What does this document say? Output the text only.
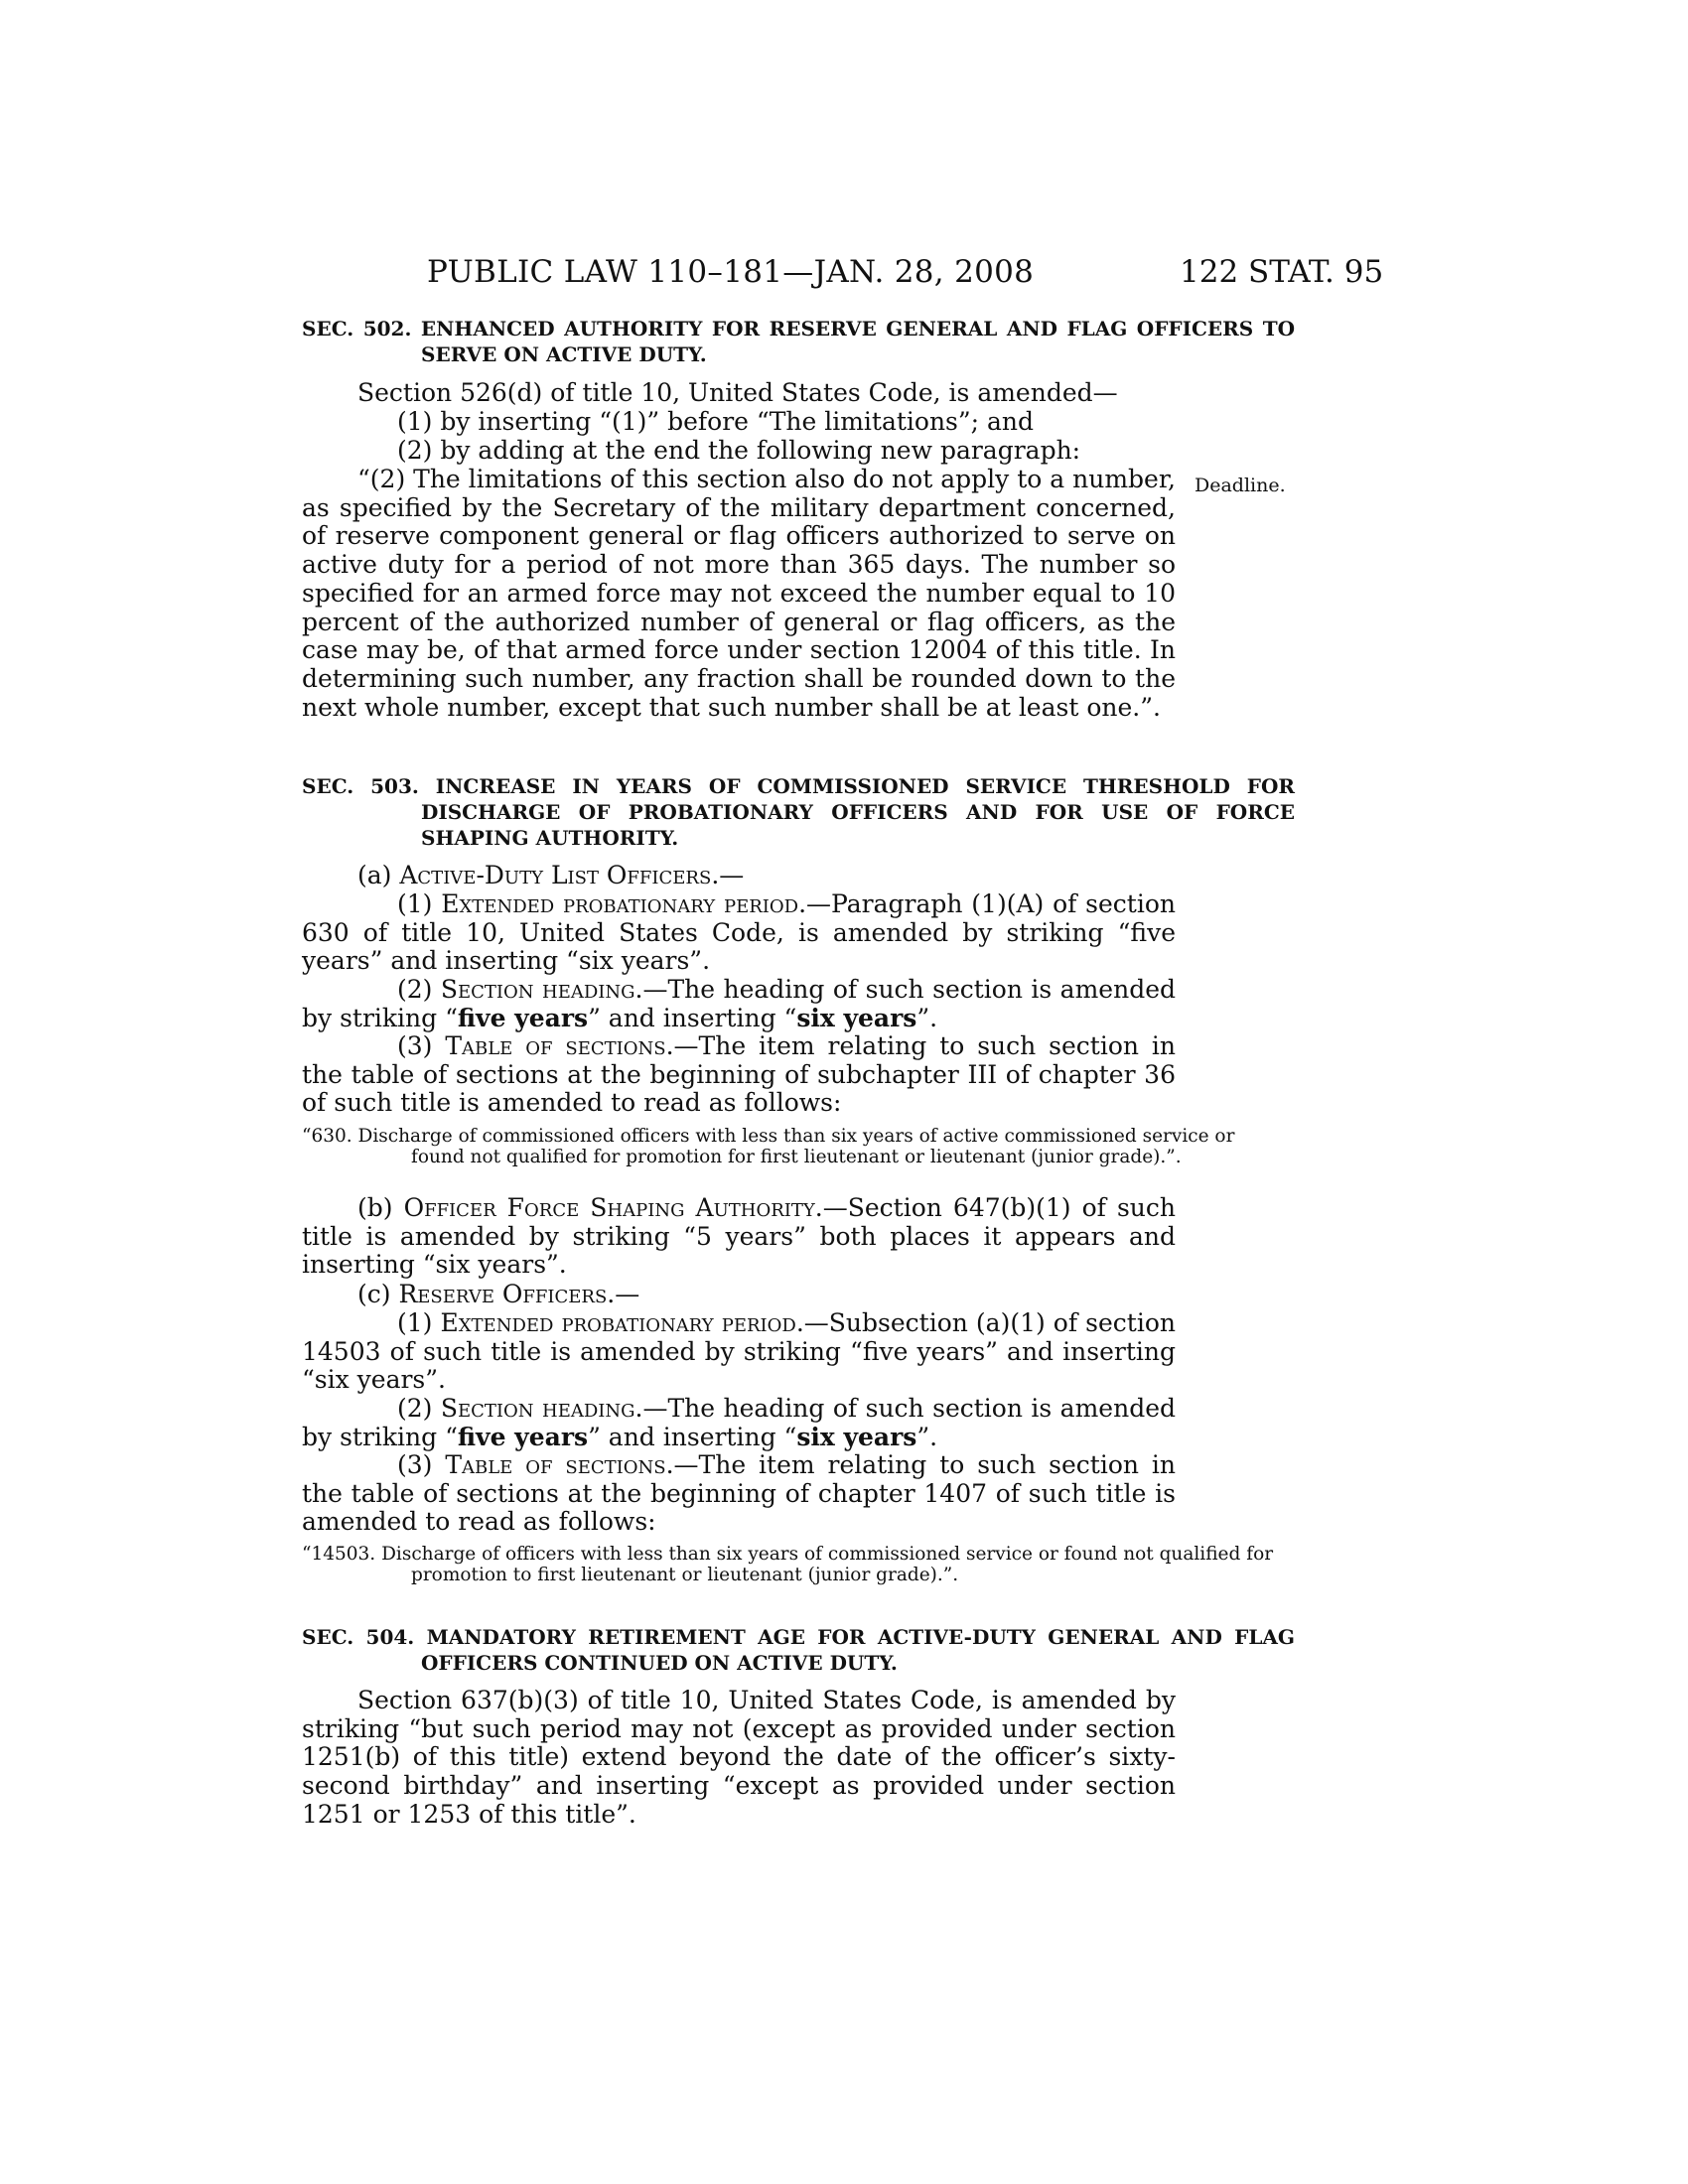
PUBLIC LAW 110–181—JAN. 28, 2008	122 STAT. 95
SEC. 502. ENHANCED AUTHORITY FOR RESERVE GENERAL AND FLAG OFFICERS TO SERVE ON ACTIVE DUTY.

Section 526(d) of title 10, United States Code, is amended—

(1) by inserting “(1)” before “The limitations”; and

(2) by adding at the end the following new paragraph:

“(2) The limitations of this section also do not apply to a number, as specified by the Secretary of the military department concerned, of reserve component general or flag officers authorized to serve on active duty for a period of not more than 365 days. The number so specified for an armed force may not exceed the number equal to 10 percent of the authorized number of general or flag officers, as the case may be, of that armed force under section 12004 of this title. In determining such number, any fraction shall be rounded down to the next whole number, except that such number shall be at least one.”.

Deadline.
SEC. 503. INCREASE IN YEARS OF COMMISSIONED SERVICE THRESHOLD FOR DISCHARGE OF PROBATIONARY OFFICERS AND FOR USE OF FORCE SHAPING AUTHORITY.

(a) Active-Duty List Officers.—

(1) Extended probationary period.—Paragraph (1)(A) of section 630 of title 10, United States Code, is amended by striking “five years” and inserting “six years”.

(2) Section heading.—The heading of such section is amended by striking “five years” and inserting “six years”.

(3) Table of sections.—The item relating to such section in the table of sections at the beginning of subchapter III of chapter 36 of such title is amended to read as follows:

“630. Discharge of commissioned officers with less than six years of active commissioned service or found not qualified for promotion for first lieutenant or lieutenant (junior grade).”.

(b) Officer Force Shaping Authority.—Section 647(b)(1) of such title is amended by striking “5 years” both places it appears and inserting “six years”.

(c) Reserve Officers.—

(1) Extended probationary period.—Subsection (a)(1) of section 14503 of such title is amended by striking “five years” and inserting “six years”.

(2) Section heading.—The heading of such section is amended by striking “five years” and inserting “six years”.

(3) Table of sections.—The item relating to such section in the table of sections at the beginning of chapter 1407 of such title is amended to read as follows:

“14503. Discharge of officers with less than six years of commissioned service or found not qualified for promotion to first lieutenant or lieutenant (junior grade).”.
SEC. 504. MANDATORY RETIREMENT AGE FOR ACTIVE-DUTY GENERAL AND FLAG OFFICERS CONTINUED ON ACTIVE DUTY.

Section 637(b)(3) of title 10, United States Code, is amended by striking “but such period may not (except as provided under section 1251(b) of this title) extend beyond the date of the officer’s sixty-second birthday” and inserting “except as provided under section 1251 or 1253 of this title”.
